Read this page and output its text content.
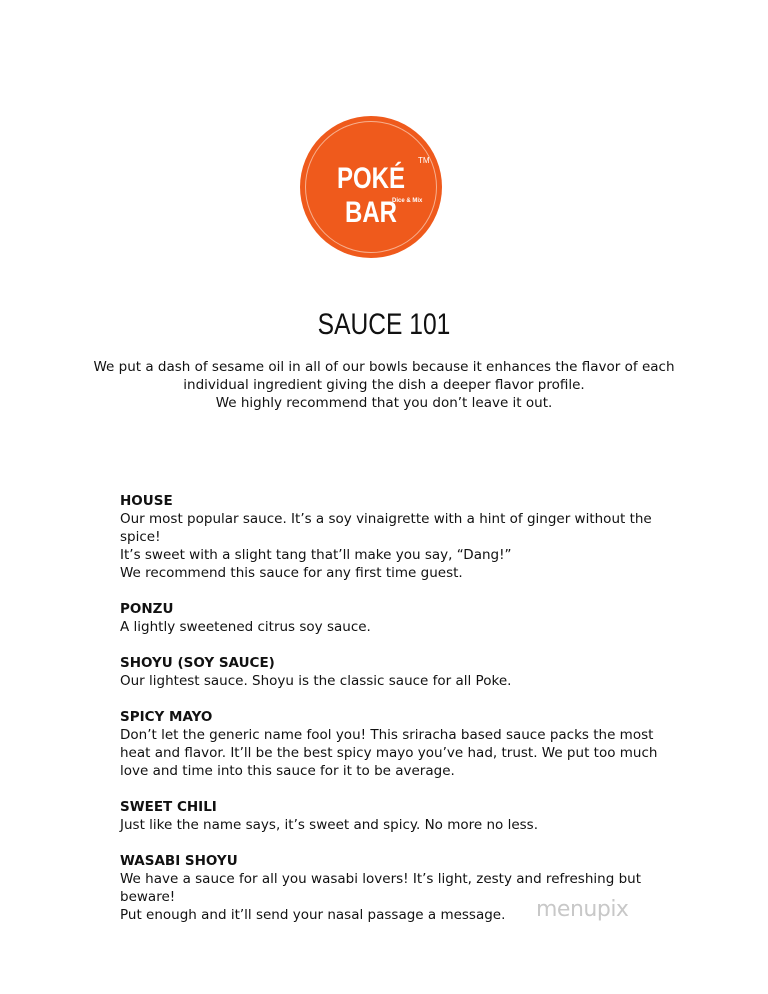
POKÉ BAR
TM
Dice & Mix
SAUCE 101
We put a dash of sesame oil in all of our bowls because it enhances the flavor of each
individual ingredient giving the dish a deeper flavor profile.
We highly recommend that you don’t leave it out.
HOUSE

Our most popular sauce. It’s a soy vinaigrette with a hint of ginger without the spice!

It’s sweet with a slight tang that’ll make you say, “Dang!”

We recommend this sauce for any first time guest.

PONZU

A lightly sweetened citrus soy sauce.

SHOYU (SOY SAUCE)

Our lightest sauce. Shoyu is the classic sauce for all Poke.

SPICY MAYO

Don’t let the generic name fool you! This sriracha based sauce packs the most

heat and flavor. It’ll be the best spicy mayo you’ve had, trust. We put too much

love and time into this sauce for it to be average.

SWEET CHILI

Just like the name says, it’s sweet and spicy. No more no less.

WASABI SHOYU

We have a sauce for all you wasabi lovers! It’s light, zesty and refreshing but beware!

Put enough and it’ll send your nasal passage a message.	menupix
